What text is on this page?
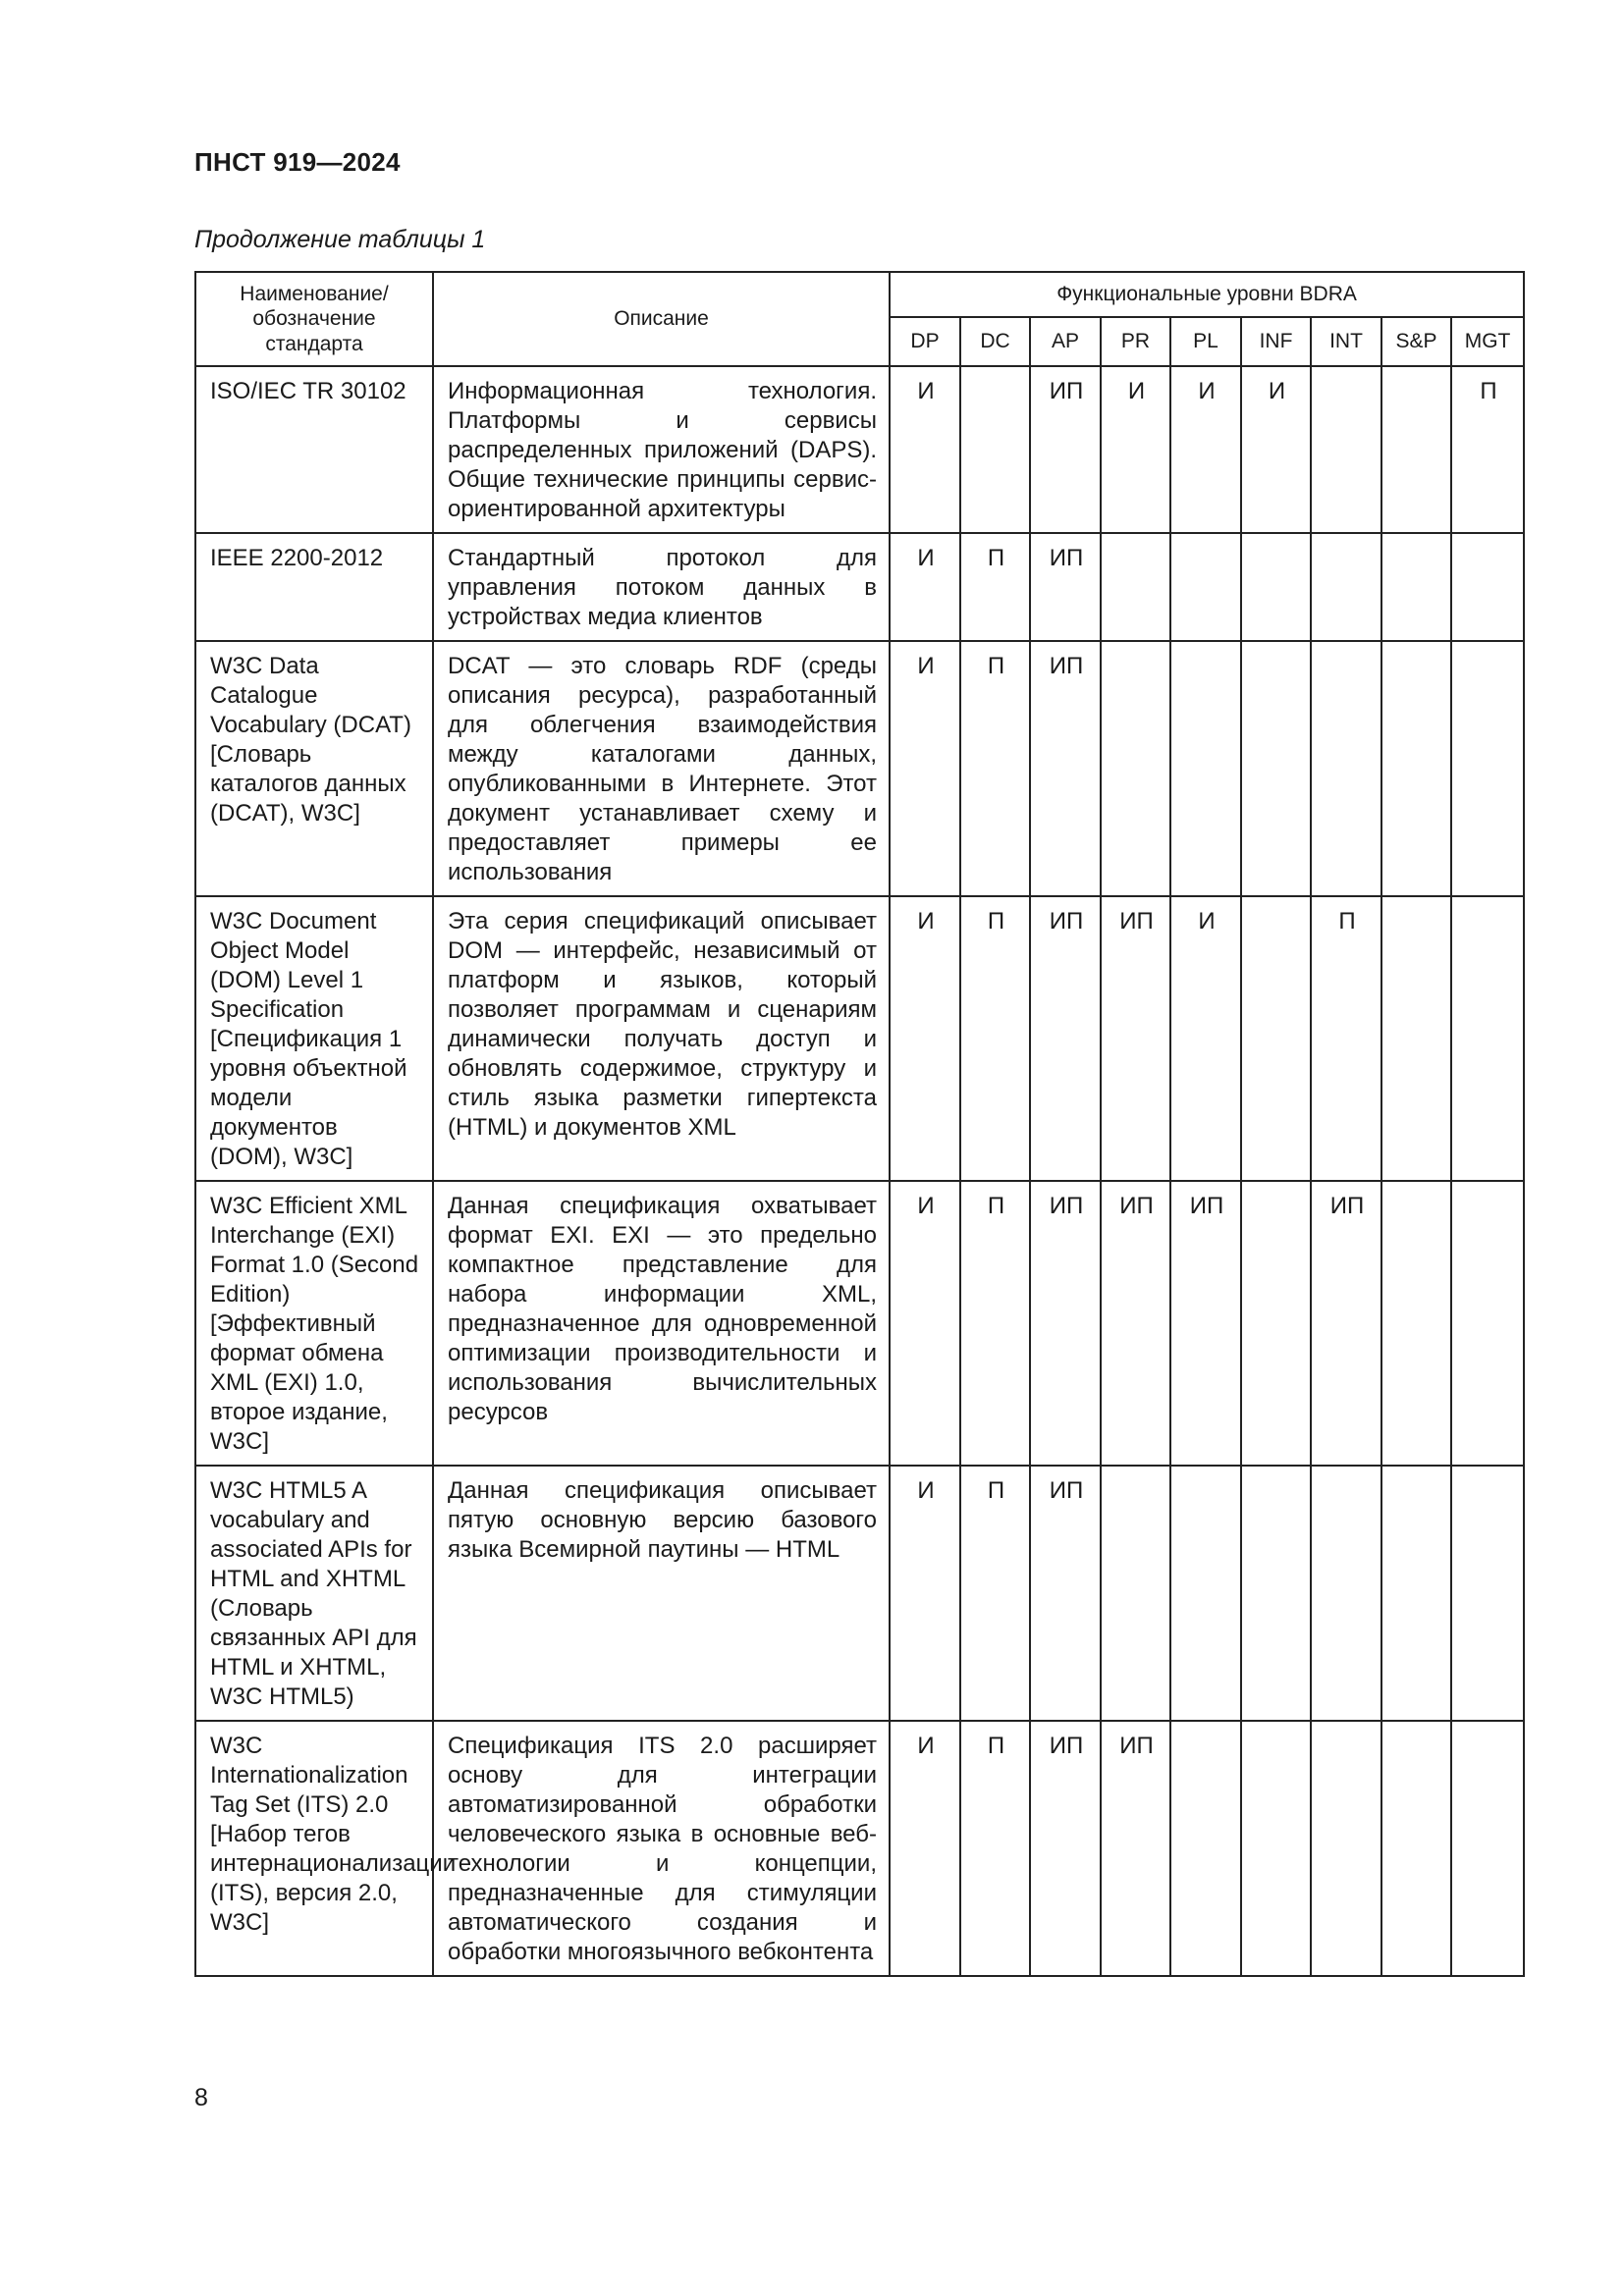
ПНСТ 919—2024
Продолжение таблицы 1
Наименование/ обозначение стандарта	Описание	Функциональные уровни BDRA								
		DP	DC	AP	PR	PL	INF	INT	S&P	MGT
ISO/IEC TR 30102	Информационная технология. Платформы и сервисы распределенных приложений (DAPS). Общие технические принципы сервис-ориентированной архитектуры	И		ИП	И	И	И			П
IEEE 2200-2012	Стандартный протокол для управления потоком данных в устройствах медиа клиентов	И	П	ИП						
W3C Data Catalogue Vocabulary (DCAT) [Словарь каталогов данных (DCAT), W3C]	DCAT — это словарь RDF (среды описания ресурса), разработанный для облегчения взаимодействия между каталогами данных, опубликованными в Интернете. Этот документ устанавливает схему и предоставляет примеры ее использования	И	П	ИП						
W3C Document Object Model (DOM) Level 1 Specification [Спецификация 1 уровня объектной модели документов (DOM), W3C]	Эта серия спецификаций описывает DOM — интерфейс, независимый от платформ и языков, который позволяет программам и сценариям динамически получать доступ и обновлять содержимое, структуру и стиль языка разметки гипертекста (HTML) и документов XML	И	П	ИП	ИП	И		П		
W3C Efficient XML Interchange (EXI) Format 1.0 (Second Edition) [Эффективный формат обмена XML (EXI) 1.0, второе издание, W3C]	Данная спецификация охватывает формат EXI. EXI — это предельно компактное представление для набора информации XML, предназначенное для одновременной оптимизации производительности и использования вычислительных ресурсов	И	П	ИП	ИП	ИП		ИП		
W3C HTML5 A vocabulary and associated APIs for HTML and XHTML (Словарь связанных API для HTML и XHTML, W3C HTML5)	Данная спецификация описывает пятую основную версию базового языка Всемирной паутины — HTML	И	П	ИП						
W3C Internationalization Tag Set (ITS) 2.0 [Набор тегов интернационализации (ITS), версия 2.0, W3C]	Спецификация ITS 2.0 расширяет основу для интеграции автоматизированной обработки человеческого языка в основные веб-технологии и концепции, предназначенные для стимуляции автоматического создания и обработки многоязычного вебконтента	И	П	ИП	ИП					
8
